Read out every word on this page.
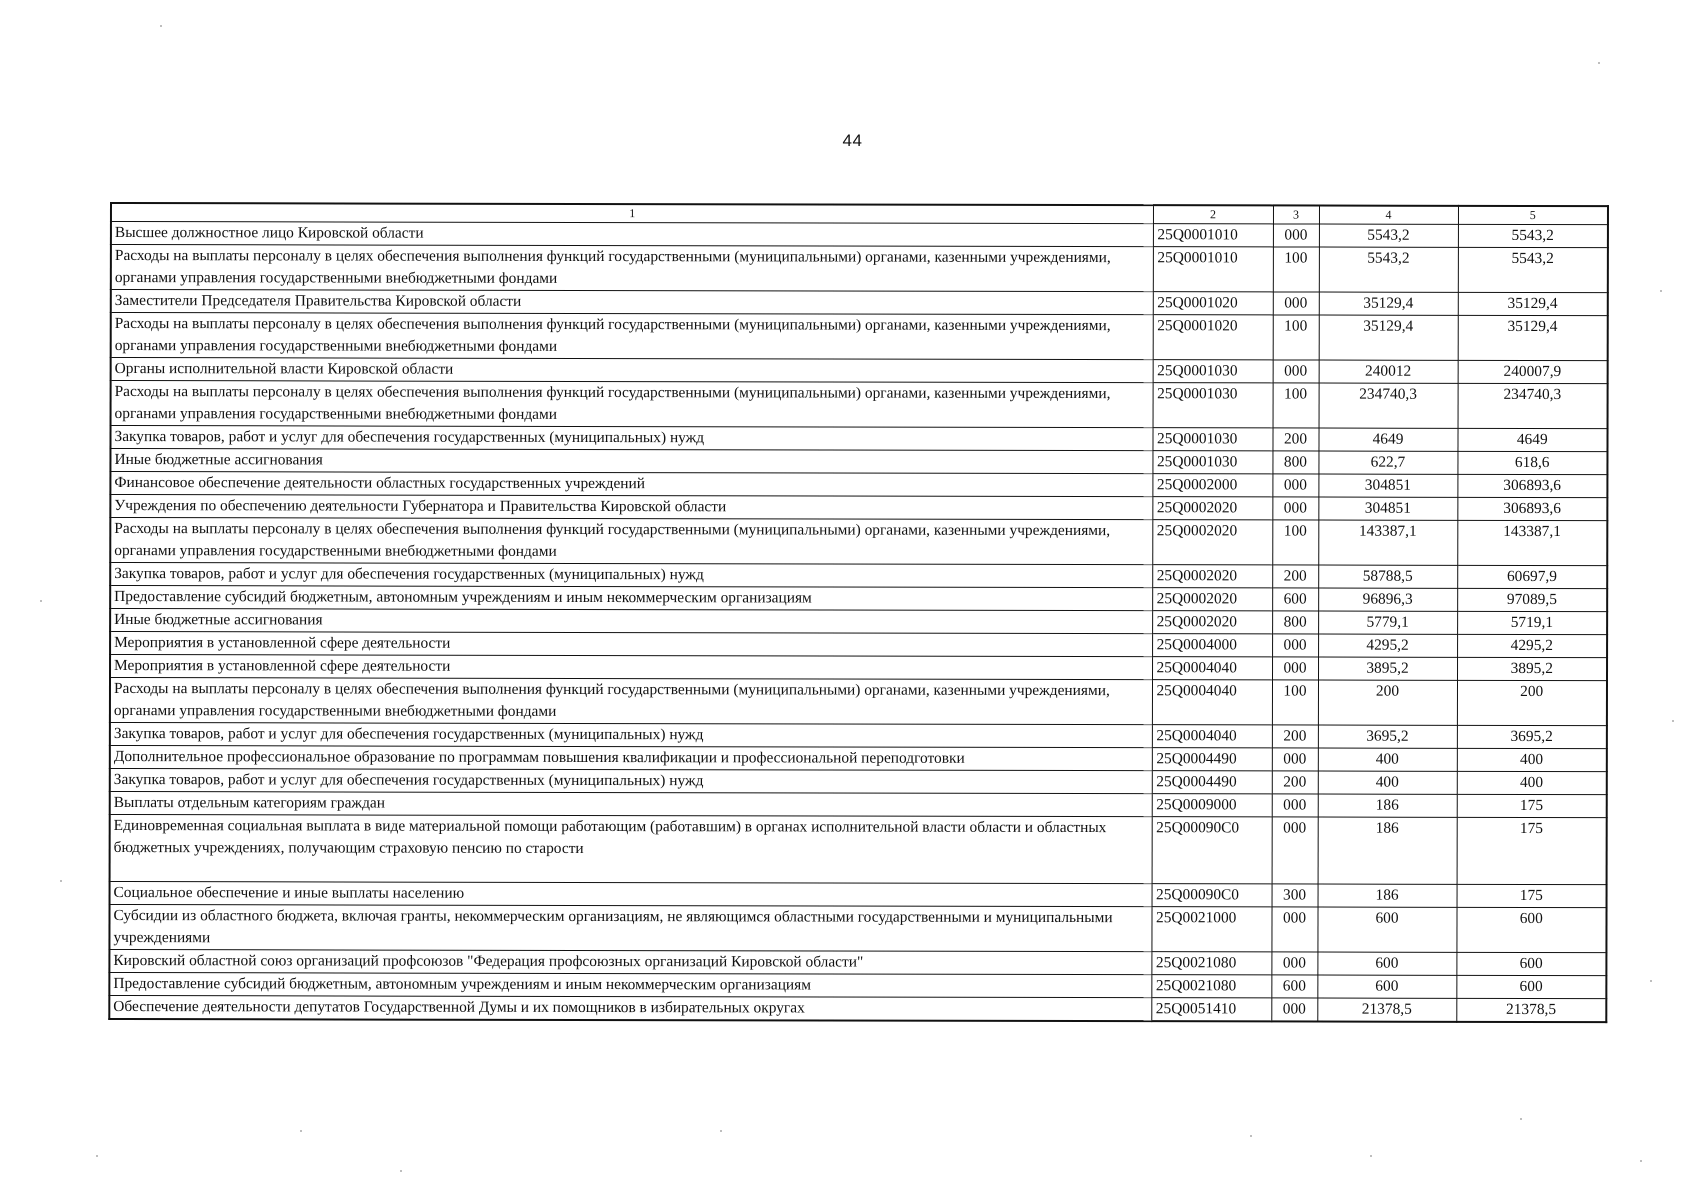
44
1	2	3	4	5
Высшее должностное лицо Кировской области	25Q0001010	000	5543,2	5543,2
Расходы на выплаты персоналу в целях обеспечения выполнения функций государственными (муниципальными) органами, казенными учреждениями, органами управления государственными внебюджетными фондами	25Q0001010	100	5543,2	5543,2
Заместители Председателя Правительства Кировской области	25Q0001020	000	35129,4	35129,4
Расходы на выплаты персоналу в целях обеспечения выполнения функций государственными (муниципальными) органами, казенными учреждениями, органами управления государственными внебюджетными фондами	25Q0001020	100	35129,4	35129,4
Органы исполнительной власти Кировской области	25Q0001030	000	240012	240007,9
Расходы на выплаты персоналу в целях обеспечения выполнения функций государственными (муниципальными) органами, казенными учреждениями, органами управления государственными внебюджетными фондами	25Q0001030	100	234740,3	234740,3
Закупка товаров, работ и услуг для обеспечения государственных (муниципальных) нужд	25Q0001030	200	4649	4649
Иные бюджетные ассигнования	25Q0001030	800	622,7	618,6
Финансовое обеспечение деятельности областных государственных учреждений	25Q0002000	000	304851	306893,6
Учреждения по обеспечению деятельности Губернатора и Правительства Кировской области	25Q0002020	000	304851	306893,6
Расходы на выплаты персоналу в целях обеспечения выполнения функций государственными (муниципальными) органами, казенными учреждениями, органами управления государственными внебюджетными фондами	25Q0002020	100	143387,1	143387,1
Закупка товаров, работ и услуг для обеспечения государственных (муниципальных) нужд	25Q0002020	200	58788,5	60697,9
Предоставление субсидий бюджетным, автономным учреждениям и иным некоммерческим организациям	25Q0002020	600	96896,3	97089,5
Иные бюджетные ассигнования	25Q0002020	800	5779,1	5719,1
Мероприятия в установленной сфере деятельности	25Q0004000	000	4295,2	4295,2
Мероприятия в установленной сфере деятельности	25Q0004040	000	3895,2	3895,2
Расходы на выплаты персоналу в целях обеспечения выполнения функций государственными (муниципальными) органами, казенными учреждениями, органами управления государственными внебюджетными фондами	25Q0004040	100	200	200
Закупка товаров, работ и услуг для обеспечения государственных (муниципальных) нужд	25Q0004040	200	3695,2	3695,2
Дополнительное профессиональное образование по программам повышения квалификации и профессиональной переподготовки	25Q0004490	000	400	400
Закупка товаров, работ и услуг для обеспечения государственных (муниципальных) нужд	25Q0004490	200	400	400
Выплаты отдельным категориям граждан	25Q0009000	000	186	175
Единовременная социальная выплата в виде материальной помощи работающим (работавшим) в органах исполнительной власти области и областных бюджетных учреждениях, получающим страховую пенсию по старости	25Q00090C0	000	186	175
Социальное обеспечение и иные выплаты населению	25Q00090C0	300	186	175
Субсидии из областного бюджета, включая гранты, некоммерческим организациям, не являющимся областными государственными и муниципальными учреждениями	25Q0021000	000	600	600
Кировский областной союз организаций профсоюзов "Федерация профсоюзных организаций Кировской области"	25Q0021080	000	600	600
Предоставление субсидий бюджетным, автономным учреждениям и иным некоммерческим организациям	25Q0021080	600	600	600
Обеспечение деятельности депутатов Государственной Думы и их помощников в избирательных округах	25Q0051410	000	21378,5	21378,5
